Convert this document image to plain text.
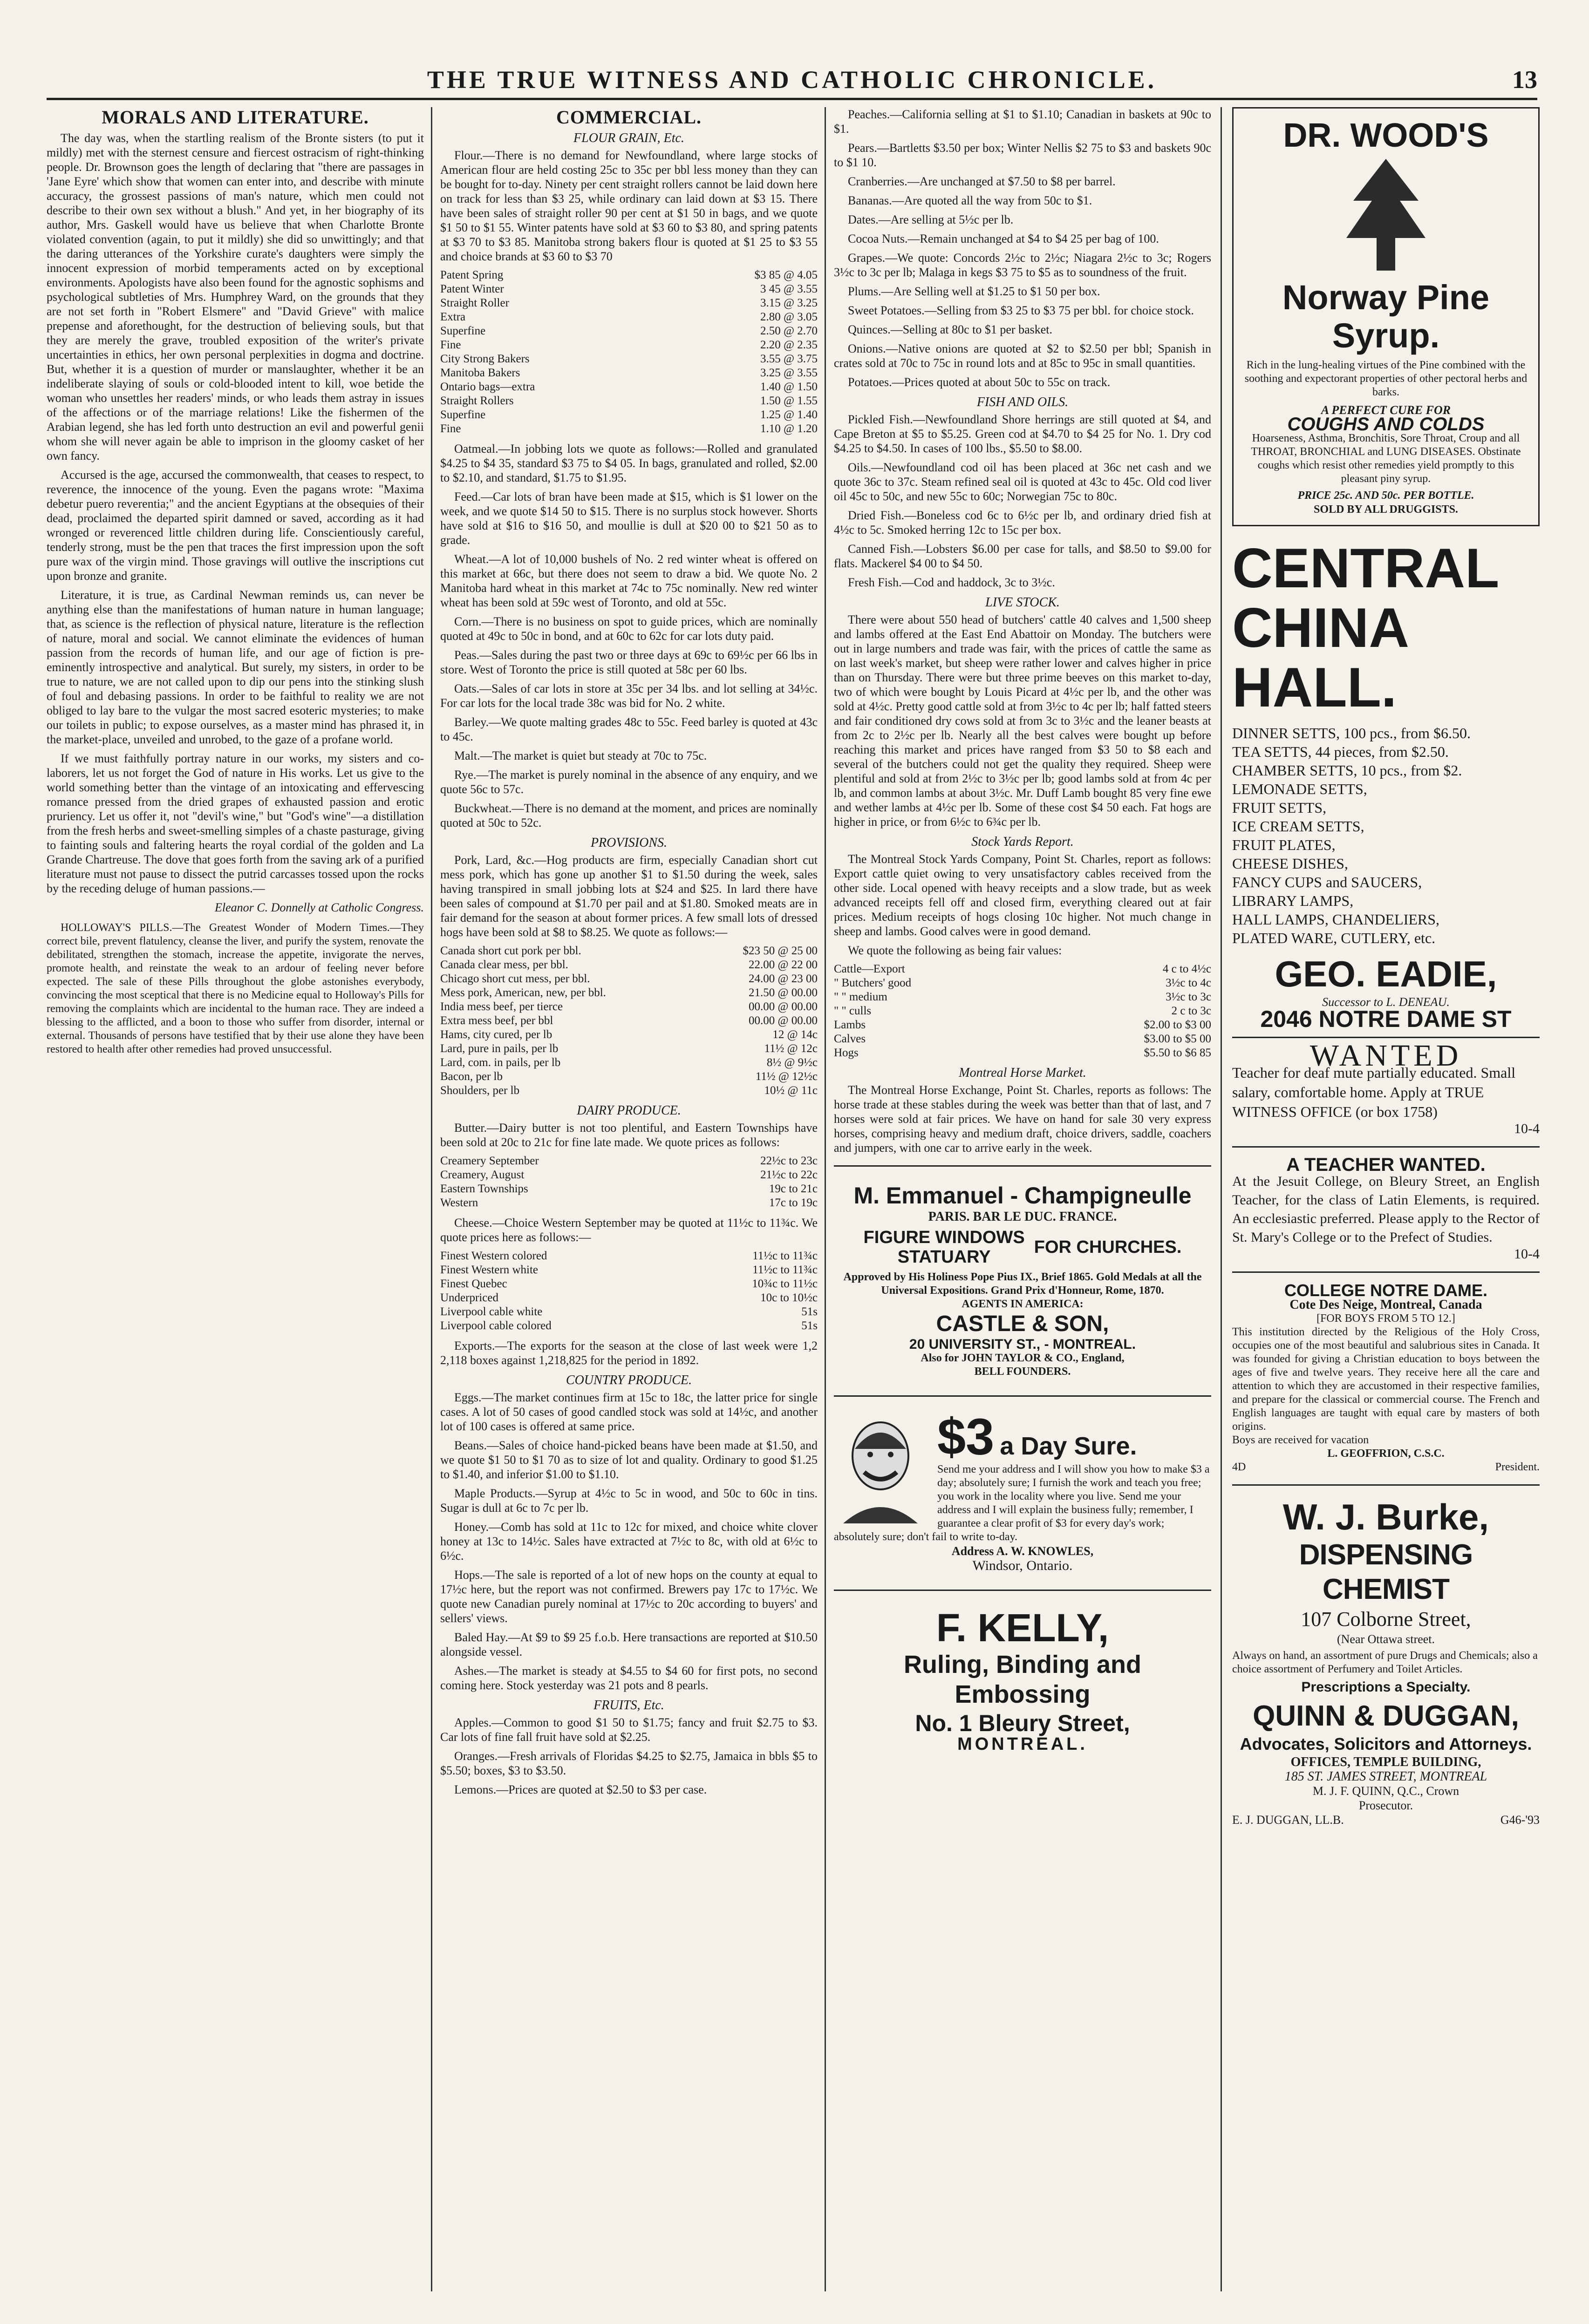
THE TRUE WITNESS AND CATHOLIC CHRONICLE.	13
MORALS AND LITERATURE.

The day was, when the startling realism of the Bronte sisters (to put it mildly) met with the sternest censure and fiercest ostracism of right-thinking people. Dr. Brownson goes the length of declaring that "there are passages in 'Jane Eyre' which show that women can enter into, and describe with minute accuracy, the grossest passions of man's nature, which men could not describe to their own sex without a blush." And yet, in her biography of its author, Mrs. Gaskell would have us believe that when Charlotte Bronte violated convention (again, to put it mildly) she did so unwittingly; and that the daring utterances of the Yorkshire curate's daughters were simply the innocent expression of morbid temperaments acted on by exceptional environments. Apologists have also been found for the agnostic sophisms and psychological subtleties of Mrs. Humphrey Ward, on the grounds that they are not set forth in "Robert Elsmere" and "David Grieve" with malice prepense and aforethought, for the destruction of believing souls, but that they are merely the grave, troubled exposition of the writer's private uncertainties in ethics, her own personal perplexities in dogma and doctrine. But, whether it is a question of murder or manslaughter, whether it be an indeliberate slaying of souls or cold-blooded intent to kill, woe betide the woman who unsettles her readers' minds, or who leads them astray in issues of the affections or of the marriage relations! Like the fishermen of the Arabian legend, she has led forth unto destruction an evil and powerful genii whom she will never again be able to imprison in the gloomy casket of her own fancy.

Accursed is the age, accursed the commonwealth, that ceases to respect, to reverence, the innocence of the young. Even the pagans wrote: "Maxima debetur puero reverentia;" and the ancient Egyptians at the obsequies of their dead, proclaimed the departed spirit damned or saved, according as it had wronged or reverenced little children during life. Conscientiously careful, tenderly strong, must be the pen that traces the first impression upon the soft pure wax of the virgin mind. Those gravings will outlive the inscriptions cut upon bronze and granite.

Literature, it is true, as Cardinal Newman reminds us, can never be anything else than the manifestations of human nature in human language; that, as science is the reflection of physical nature, literature is the reflection of nature, moral and social. We cannot eliminate the evidences of human passion from the records of human life, and our age of fiction is pre-eminently introspective and analytical. But surely, my sisters, in order to be true to nature, we are not called upon to dip our pens into the stinking slush of foul and debasing passions. In order to be faithful to reality we are not obliged to lay bare to the vulgar the most sacred esoteric mysteries; to make our toilets in public; to expose ourselves, as a master mind has phrased it, in the market-place, unveiled and unrobed, to the gaze of a profane world.

If we must faithfully portray nature in our works, my sisters and co-laborers, let us not forget the God of nature in His works. Let us give to the world something better than the vintage of an intoxicating and effervescing romance pressed from the dried grapes of exhausted passion and erotic pruriency. Let us offer it, not "devil's wine," but "God's wine"—a distillation from the fresh herbs and sweet-smelling simples of a chaste pasturage, giving to fainting souls and faltering hearts the royal cordial of the golden and La Grande Chartreuse. The dove that goes forth from the saving ark of a purified literature must not pause to dissect the putrid carcasses tossed upon the rocks by the receding deluge of human passions.—

Eleanor C. Donnelly at Catholic Congress.

HOLLOWAY'S PILLS.—The Greatest Wonder of Modern Times.—They correct bile, prevent flatulency, cleanse the liver, and purify the system, renovate the debilitated, strengthen the stomach, increase the appetite, invigorate the nerves, promote health, and reinstate the weak to an ardour of feeling never before expected. The sale of these Pills throughout the globe astonishes everybody, convincing the most sceptical that there is no Medicine equal to Holloway's Pills for removing the complaints which are incidental to the human race. They are indeed a blessing to the afflicted, and a boon to those who suffer from disorder, internal or external. Thousands of persons have testified that by their use alone they have been restored to health after other remedies had proved unsuccessful.

COMMERCIAL.
FLOUR GRAIN, Etc.

Flour.—There is no demand for Newfoundland, where large stocks of American flour are held costing 25c to 35c per bbl less money than they can be bought for to-day. Ninety per cent straight rollers cannot be laid down here on track for less than $3 25, while ordinary can laid down at $3 15. There have been sales of straight roller 90 per cent at $1 50 in bags, and we quote $1 50 to $1 55. Winter patents have sold at $3 60 to $3 80, and spring patents at $3 70 to $3 85. Manitoba strong bakers flour is quoted at $1 25 to $3 55 and choice brands at $3 60 to $3 70

Patent Spring	$3 85 @ 4.05
Patent Winter	3 45 @ 3.55
Straight Roller	3.15 @ 3.25
Extra	2.80 @ 3.05
Superfine	2.50 @ 2.70
Fine	2.20 @ 2.35
City Strong Bakers	3.55 @ 3.75
Manitoba Bakers	3.25 @ 3.55
Ontario bags—extra	1.40 @ 1.50
Straight Rollers	1.50 @ 1.55
Superfine	1.25 @ 1.40
Fine	1.10 @ 1.20

Oatmeal.—In jobbing lots we quote as follows:—Rolled and granulated $4.25 to $4 35, standard $3 75 to $4 05. In bags, granulated and rolled, $2.00 to $2.10, and standard, $1.75 to $1.95.

Feed.—Car lots of bran have been made at $15, which is $1 lower on the week, and we quote $14 50 to $15. There is no surplus stock however. Shorts have sold at $16 to $16 50, and moullie is dull at $20 00 to $21 50 as to grade.

Wheat.—A lot of 10,000 bushels of No. 2 red winter wheat is offered on this market at 66c, but there does not seem to draw a bid. We quote No. 2 Manitoba hard wheat in this market at 74c to 75c nominally. New red winter wheat has been sold at 59c west of Toronto, and old at 55c.

Corn.—There is no business on spot to guide prices, which are nominally quoted at 49c to 50c in bond, and at 60c to 62c for car lots duty paid.

Peas.—Sales during the past two or three days at 69c to 69½c per 66 lbs in store. West of Toronto the price is still quoted at 58c per 60 lbs.

Oats.—Sales of car lots in store at 35c per 34 lbs. and lot selling at 34½c. For car lots for the local trade 38c was bid for No. 2 white.

Barley.—We quote malting grades 48c to 55c. Feed barley is quoted at 43c to 45c.

Malt.—The market is quiet but steady at 70c to 75c.

Rye.—The market is purely nominal in the absence of any enquiry, and we quote 56c to 57c.

Buckwheat.—There is no demand at the moment, and prices are nominally quoted at 50c to 52c.

PROVISIONS.

Pork, Lard, &c.—Hog products are firm, especially Canadian short cut mess pork, which has gone up another $1 to $1.50 during the week, sales having transpired in small jobbing lots at $24 and $25. In lard there have been sales of compound at $1.70 per pail and at $1.80. Smoked meats are in fair demand for the season at about former prices. A few small lots of dressed hogs have been sold at $8 to $8.25. We quote as follows:—

Canada short cut pork per bbl.	$23 50 @ 25 00
Canada clear mess, per bbl.	22.00 @ 22 00
Chicago short cut mess, per bbl.	24.00 @ 23 00
Mess pork, American, new, per bbl.	21.50 @ 00.00
India mess beef, per tierce	00.00 @ 00.00
Extra mess beef, per bbl	00.00 @ 00.00
Hams, city cured, per lb	12 @ 14c
Lard, pure in pails, per lb	11½ @ 12c
Lard, com. in pails, per lb	8½ @ 9½c
Bacon, per lb	11½ @ 12½c
Shoulders, per lb	10½ @ 11c
DAIRY PRODUCE.

Butter.—Dairy butter is not too plentiful, and Eastern Townships have been sold at 20c to 21c for fine late made. We quote prices as follows:

Creamery September	22½c to 23c
Creamery, August	21½c to 22c
Eastern Townships	19c to 21c
Western	17c to 19c

Cheese.—Choice Western September may be quoted at 11½c to 11¾c. We quote prices here as follows:—

Finest Western colored	11½c to 11¾c
Finest Western white	11½c to 11¾c
Finest Quebec	10¾c to 11½c
Underpriced	10c to 10½c
Liverpool cable white	51s
Liverpool cable colored	51s

Exports.—The exports for the season at the close of last week were 1,2 2,118 boxes against 1,218,825 for the period in 1892.

COUNTRY PRODUCE.

Eggs.—The market continues firm at 15c to 18c, the latter price for single cases. A lot of 50 cases of good candled stock was sold at 14½c, and another lot of 100 cases is offered at same price.

Beans.—Sales of choice hand-picked beans have been made at $1.50, and we quote $1 50 to $1 70 as to size of lot and quality. Ordinary to good $1.25 to $1.40, and inferior $1.00 to $1.10.

Maple Products.—Syrup at 4½c to 5c in wood, and 50c to 60c in tins. Sugar is dull at 6c to 7c per lb.

Honey.—Comb has sold at 11c to 12c for mixed, and choice white clover honey at 13c to 14½c. Sales have extracted at 7½c to 8c, with old at 6½c to 6½c.

Hops.—The sale is reported of a lot of new hops on the county at equal to 17½c here, but the report was not confirmed. Brewers pay 17c to 17½c. We quote new Canadian purely nominal at 17½c to 20c according to buyers' and sellers' views.

Baled Hay.—At $9 to $9 25 f.o.b. Here transactions are reported at $10.50 alongside vessel.

Ashes.—The market is steady at $4.55 to $4 60 for first pots, no second coming here. Stock yesterday was 21 pots and 8 pearls.

FRUITS, Etc.

Apples.—Common to good $1 50 to $1.75; fancy and fruit $2.75 to $3. Car lots of fine fall fruit have sold at $2.25.

Oranges.—Fresh arrivals of Floridas $4.25 to $2.75, Jamaica in bbls $5 to $5.50; boxes, $3 to $3.50.

Lemons.—Prices are quoted at $2.50 to $3 per case.

Peaches.—California selling at $1 to $1.10; Canadian in baskets at 90c to $1.

Pears.—Bartletts $3.50 per box; Winter Nellis $2 75 to $3 and baskets 90c to $1 10.

Cranberries.—Are unchanged at $7.50 to $8 per barrel.

Bananas.—Are quoted all the way from 50c to $1.

Dates.—Are selling at 5½c per lb.

Cocoa Nuts.—Remain unchanged at $4 to $4 25 per bag of 100.

Grapes.—We quote: Concords 2½c to 2½c; Niagara 2½c to 3c; Rogers 3½c to 3c per lb; Malaga in kegs $3 75 to $5 as to soundness of the fruit.

Plums.—Are Selling well at $1.25 to $1 50 per box.

Sweet Potatoes.—Selling from $3 25 to $3 75 per bbl. for choice stock.

Quinces.—Selling at 80c to $1 per basket.

Onions.—Native onions are quoted at $2 to $2.50 per bbl; Spanish in crates sold at 70c to 75c in round lots and at 85c to 95c in small quantities.

Potatoes.—Prices quoted at about 50c to 55c on track.

FISH AND OILS.

Pickled Fish.—Newfoundland Shore herrings are still quoted at $4, and Cape Breton at $5 to $5.25. Green cod at $4.70 to $4 25 for No. 1. Dry cod $4.25 to $4.50. In cases of 100 lbs., $5.50 to $8.00.

Oils.—Newfoundland cod oil has been placed at 36c net cash and we quote 36c to 37c. Steam refined seal oil is quoted at 43c to 45c. Old cod liver oil 45c to 50c, and new 55c to 60c; Norwegian 75c to 80c.

Dried Fish.—Boneless cod 6c to 6½c per lb, and ordinary dried fish at 4½c to 5c. Smoked herring 12c to 15c per box.

Canned Fish.—Lobsters $6.00 per case for talls, and $8.50 to $9.00 for flats. Mackerel $4 00 to $4 50.

Fresh Fish.—Cod and haddock, 3c to 3½c.

LIVE STOCK.

There were about 550 head of butchers' cattle 40 calves and 1,500 sheep and lambs offered at the East End Abattoir on Monday. The butchers were out in large numbers and trade was fair, with the prices of cattle the same as on last week's market, but sheep were rather lower and calves higher in price than on Thursday. There were but three prime beeves on this market to-day, two of which were bought by Louis Picard at 4½c per lb, and the other was sold at 4½c. Pretty good cattle sold at from 3½c to 4c per lb; half fatted steers and fair conditioned dry cows sold at from 3c to 3½c and the leaner beasts at from 2c to 2½c per lb. Nearly all the best calves were bought up before reaching this market and prices have ranged from $3 50 to $8 each and several of the butchers could not get the quality they required. Sheep were plentiful and sold at from 2½c to 3½c per lb; good lambs sold at from 4c per lb, and common lambs at about 3½c. Mr. Duff Lamb bought 85 very fine ewe and wether lambs at 4½c per lb. Some of these cost $4 50 each. Fat hogs are higher in price, or from 6½c to 6¾c per lb.

Stock Yards Report.

The Montreal Stock Yards Company, Point St. Charles, report as follows: Export cattle quiet owing to very unsatisfactory cables received from the other side. Local opened with heavy receipts and a slow trade, but as week advanced receipts fell off and closed firm, everything cleared out at fair prices. Medium receipts of hogs closing 10c higher. Not much change in sheep and lambs. Good calves were in good demand.

We quote the following as being fair values:

Cattle—Export	4 c to 4½c
" Butchers' good	3½c to 4c
" " medium	3½c to 3c
" " culls	2 c to 3c
Lambs	$2.00 to $3 00
Calves	$3.00 to $5 00
Hogs	$5.50 to $6 85
Montreal Horse Market.

The Montreal Horse Exchange, Point St. Charles, reports as follows: The horse trade at these stables during the week was better than that of last, and 7 horses were sold at fair prices. We have on hand for sale 30 very express horses, comprising heavy and medium draft, choice drivers, saddle, coachers and jumpers, with one car to arrive early in the week.

M. Emmanuel - Champigneulle
PARIS. BAR LE DUC. FRANCE.
FIGURE WINDOWS
STATUARY
FOR CHURCHES.
Approved by His Holiness Pope Pius IX., Brief 1865. Gold Medals at all the Universal Expositions. Grand Prix d'Honneur, Rome, 1870.
AGENTS IN AMERICA:
CASTLE & SON,
20 UNIVERSITY ST., - MONTREAL.
Also for JOHN TAYLOR & CO., England,
BELL FOUNDERS.
$3 a Day Sure.
Send me your address and I will show you how to make $3 a day; absolutely sure; I furnish the work and teach you free; you work in the locality where you live. Send me your address and I will explain the business fully; remember, I guarantee a clear profit of $3 for every day's work; absolutely sure; don't fail to write to-day.
Address A. W. KNOWLES,
Windsor, Ontario.
F. KELLY,
Ruling, Binding and Embossing
No. 1 Bleury Street,
MONTREAL.
DR. WOOD'S
Norway Pine
Syrup.
Rich in the lung-healing virtues of the Pine combined with the soothing and expectorant properties of other pectoral herbs and barks.
A PERFECT CURE FOR
COUGHS AND COLDS
Hoarseness, Asthma, Bronchitis, Sore Throat, Croup and all THROAT, BRONCHIAL and LUNG DISEASES. Obstinate coughs which resist other remedies yield promptly to this pleasant piny syrup.
PRICE 25c. AND 50c. PER BOTTLE.
SOLD BY ALL DRUGGISTS.
CENTRAL
CHINA
HALL.
DINNER SETTS, 100 pcs., from $6.50.
TEA SETTS, 44 pieces, from $2.50.
CHAMBER SETTS, 10 pcs., from $2.
LEMONADE SETTS,
FRUIT SETTS,
ICE CREAM SETTS,
FRUIT PLATES,
CHEESE DISHES,
FANCY CUPS and SAUCERS,
LIBRARY LAMPS,
HALL LAMPS, CHANDELIERS,
PLATED WARE, CUTLERY, etc.
GEO. EADIE,
Successor to L. DENEAU.
2046 NOTRE DAME ST
WANTED
Teacher for deaf mute partially educated. Small salary, comfortable home. Apply at TRUE WITNESS OFFICE (or box 1758)
10-4
A TEACHER WANTED.
At the Jesuit College, on Bleury Street, an English Teacher, for the class of Latin Elements, is required. An ecclesiastic preferred. Please apply to the Rector of St. Mary's College or to the Prefect of Studies.
10-4
COLLEGE NOTRE DAME.
Cote Des Neige, Montreal, Canada
[FOR BOYS FROM 5 TO 12.]
This institution directed by the Religious of the Holy Cross, occupies one of the most beautiful and salubrious sites in Canada. It was founded for giving a Christian education to boys between the ages of five and twelve years. They receive here all the care and attention to which they are accustomed in their respective families, and prepare for the classical or commercial course. The French and English languages are taught with equal care by masters of both origins.
Boys are received for vacation
L. GEOFFRION, C.S.C.
4D	President.
W. J. Burke,
DISPENSING CHEMIST
107 Colborne Street,
(Near Ottawa street.
Always on hand, an assortment of pure Drugs and Chemicals; also a choice assortment of Perfumery and Toilet Articles.
Prescriptions a Specialty.
QUINN & DUGGAN,
Advocates, Solicitors and Attorneys.
OFFICES, TEMPLE BUILDING,
185 ST. JAMES STREET, MONTREAL
M. J. F. QUINN, Q.C., Crown
Prosecutor.
E. J. DUGGAN, LL.B.	G46-'93
